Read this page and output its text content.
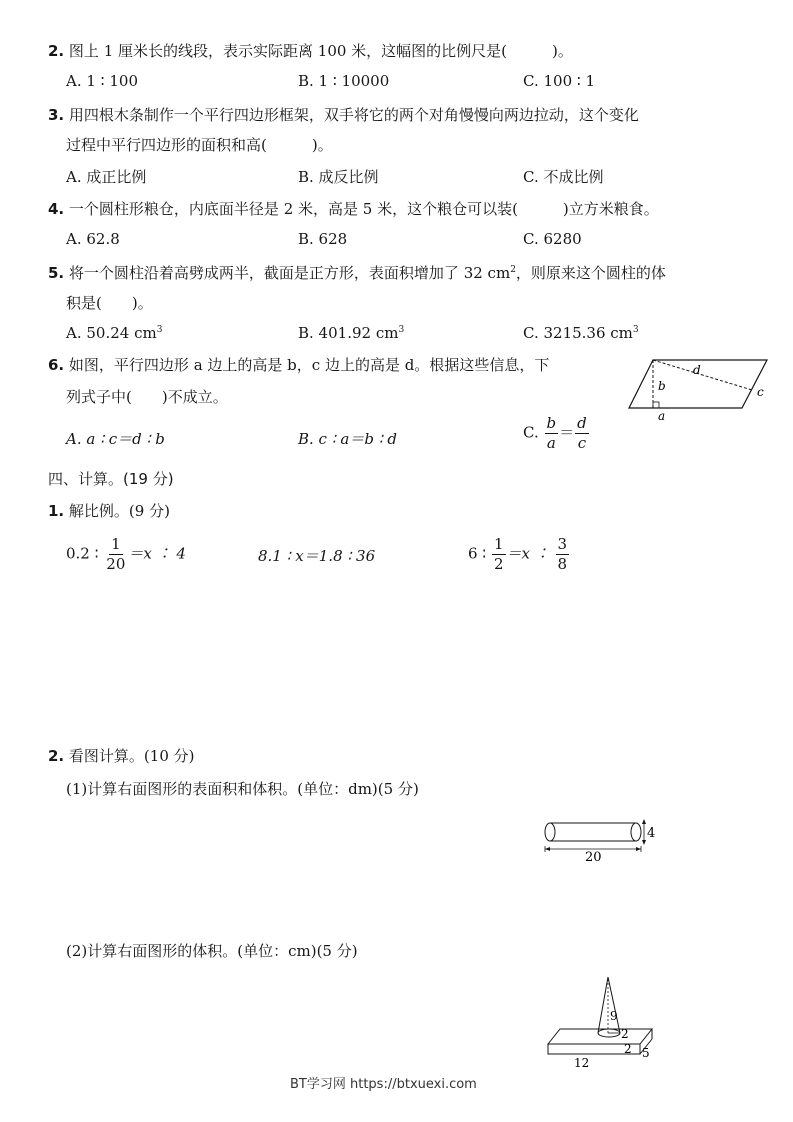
2. 图上 1 厘米长的线段，表示实际距离 100 米，这幅图的比例尺是(　　　)。
A. 1 ∶ 100	B. 1 ∶ 10000	C. 100 ∶ 1
3. 用四根木条制作一个平行四边形框架，双手将它的两个对角慢慢向两边拉动，这个变化
过程中平行四边形的面积和高(　　　)。
A. 成正比例	B. 成反比例	C. 不成比例
4. 一个圆柱形粮仓，内底面半径是 2 米，高是 5 米，这个粮仓可以装(　　　)立方米粮食。
A. 62.8	B. 628	C. 6280
5. 将一个圆柱沿着高劈成两半，截面是正方形，表面积增加了 32 $cm^2$，则原来这个圆柱的体
积是(　　)。
A. 50.24 $cm^3$	B. 401.92 $cm^3$	C. 3215.36 $cm^3$
6. 如图，平行四边形 a 边上的高是 b，c 边上的高是 d。根据这些信息，下
列式子中(　　)不成立。
A. a ∶ c＝d ∶ b	B. c ∶ a＝b ∶ d	C. $\frac{b}{a} = \frac{d}{c}$
b
d
c
a
四、计算。(19 分)
1. 解比例。(9 分)
0.2 ∶ $\frac{1}{20} =x$ ∶ 4	8.1 ∶ x＝1.8 ∶ 36	6 ∶ $\frac{1}{2} =x$ ∶ $\frac{3}{8}$
2. 看图计算。(10 分)
(1)计算右面图形的表面积和体积。(单位：dm)(5 分)
4
20
(2)计算右面图形的体积。(单位：cm)(5 分)
9
2
2
12
5
BT学习网 https://btxuexi.com
